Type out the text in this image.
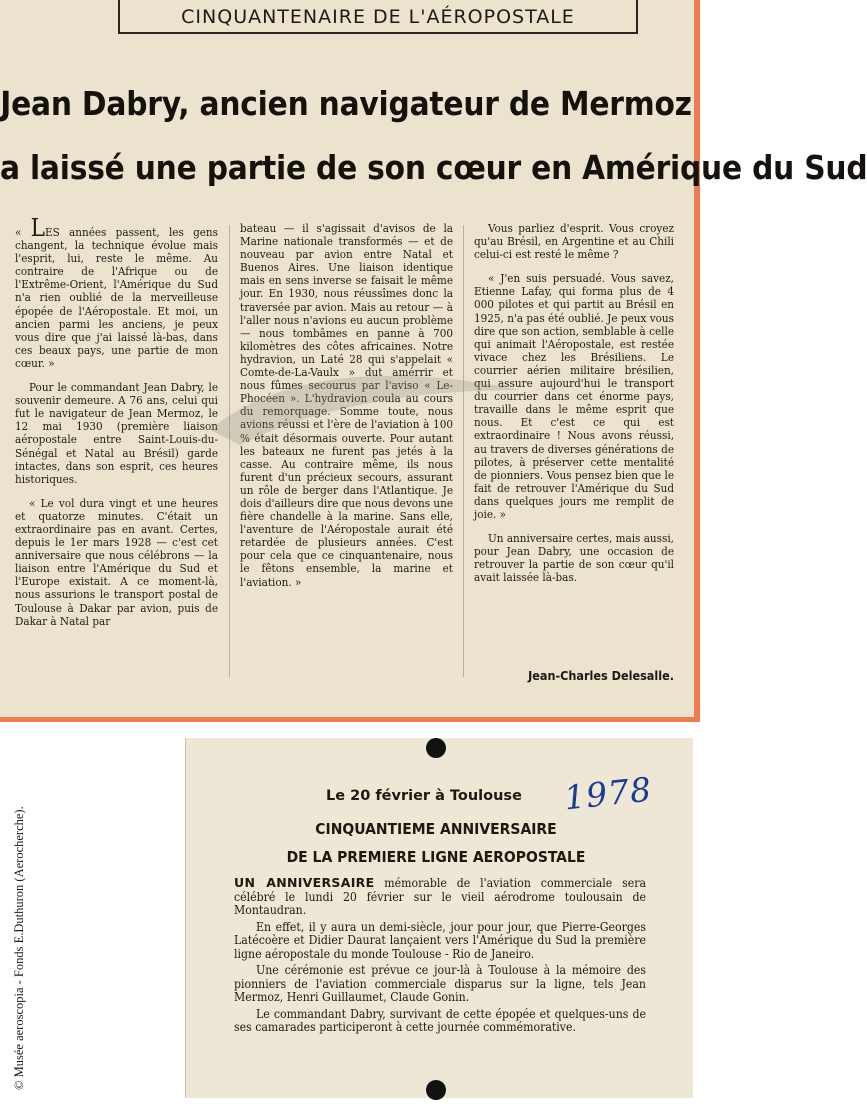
CINQUANTENAIRE DE L'AÉROPOSTALE
Jean Dabry, ancien navigateur de Mermoz
a laissé une partie de son cœur en Amérique du Sud

« LES années passent, les gens changent, la technique évolue mais l'esprit, lui, reste le même. Au contraire de l'Afrique ou de l'Extrême-Orient, l'Amérique du Sud n'a rien oublié de la merveilleuse épopée de l'Aéropostale. Et moi, un ancien parmi les anciens, je peux vous dire que j'ai laissé là-bas, dans ces beaux pays, une partie de mon cœur. »

Pour le commandant Jean Dabry, le souvenir demeure. A 76 ans, celui qui fut le navigateur de Jean Mermoz, le 12 mai 1930 (première liaison aéropostale entre Saint-Louis-du-Sénégal et Natal au Brésil) garde intactes, dans son esprit, ces heures historiques.

« Le vol dura vingt et une heures et quatorze minutes. C'était un extraordinaire pas en avant. Certes, depuis le 1er mars 1928 — c'est cet anniversaire que nous célébrons — la liaison entre l'Amérique du Sud et l'Europe existait. A ce moment-là, nous assurions le transport postal de Toulouse à Dakar par avion, puis de Dakar à Natal par

bateau — il s'agissait d'avisos de la Marine nationale transformés — et de nouveau par avion entre Natal et Buenos Aires. Une liaison identique mais en sens inverse se faisait le même jour. En 1930, nous réussîmes donc la traversée par avion. Mais au retour — à l'aller nous n'avions eu aucun problème — nous tombâmes en panne à 700 kilomètres des côtes africaines. Notre hydravion, un Laté 28 qui s'appelait « Comte-de-La-Vaulx » dut amérrir et nous fûmes secourus par l'aviso « Le-Phocéen ». L'hydravion coula au cours du remorquage. Somme toute, nous avions réussi et l'ère de l'aviation à 100 % était désormais ouverte. Pour autant les bateaux ne furent pas jetés à la casse. Au contraire même, ils nous furent d'un précieux secours, assurant un rôle de berger dans l'Atlantique. Je dois d'ailleurs dire que nous devons une fière chandelle à la marine. Sans elle, l'aventure de l'Aéropostale aurait été retardée de plusieurs années. C'est pour cela que ce cinquantenaire, nous le fêtons ensemble, la marine et l'aviation. »

Vous parliez d'esprit. Vous croyez qu'au Brésil, en Argentine et au Chili celui-ci est resté le même ?

« J'en suis persuadé. Vous savez, Etienne Lafay, qui forma plus de 4 000 pilotes et qui partit au Brésil en 1925, n'a pas été oublié. Je peux vous dire que son action, semblable à celle qui animait l'Aéropostale, est restée vivace chez les Brésiliens. Le courrier aérien militaire brésilien, qui assure aujourd'hui le transport du courrier dans cet énorme pays, travaille dans le même esprit que nous. Et c'est ce qui est extraordinaire ! Nous avons réussi, au travers de diverses générations de pilotes, à préserver cette mentalité de pionniers. Vous pensez bien que le fait de retrouver l'Amérique du Sud dans quelques jours me remplit de joie. »

Un anniversaire certes, mais aussi, pour Jean Dabry, une occasion de retrouver la partie de son cœur qu'il avait laissée là-bas.

Jean-Charles Delesalle.
Le 20 février à Toulouse 1978
CINQUANTIEME ANNIVERSAIRE
DE LA PREMIERE LIGNE AEROPOSTALE

UN ANNIVERSAIRE mémorable de l'aviation commerciale sera célébré le lundi 20 février sur le vieil aérodrome toulousain de Montaudran.

En effet, il y aura un demi-siècle, jour pour jour, que Pierre-Georges Latécoère et Didier Daurat lançaient vers l'Amérique du Sud la première ligne aéropostale du monde Toulouse - Rio de Janeiro.

Une cérémonie est prévue ce jour-là à Toulouse à la mémoire des pionniers de l'aviation commerciale disparus sur la ligne, tels Jean Mermoz, Henri Guillaumet, Claude Gonin.

Le commandant Dabry, survivant de cette épopée et quelques-uns de ses camarades participeront à cette journée commémorative.

© Musée aeroscopia - Fonds E.Duthuron (Aerocherche).
